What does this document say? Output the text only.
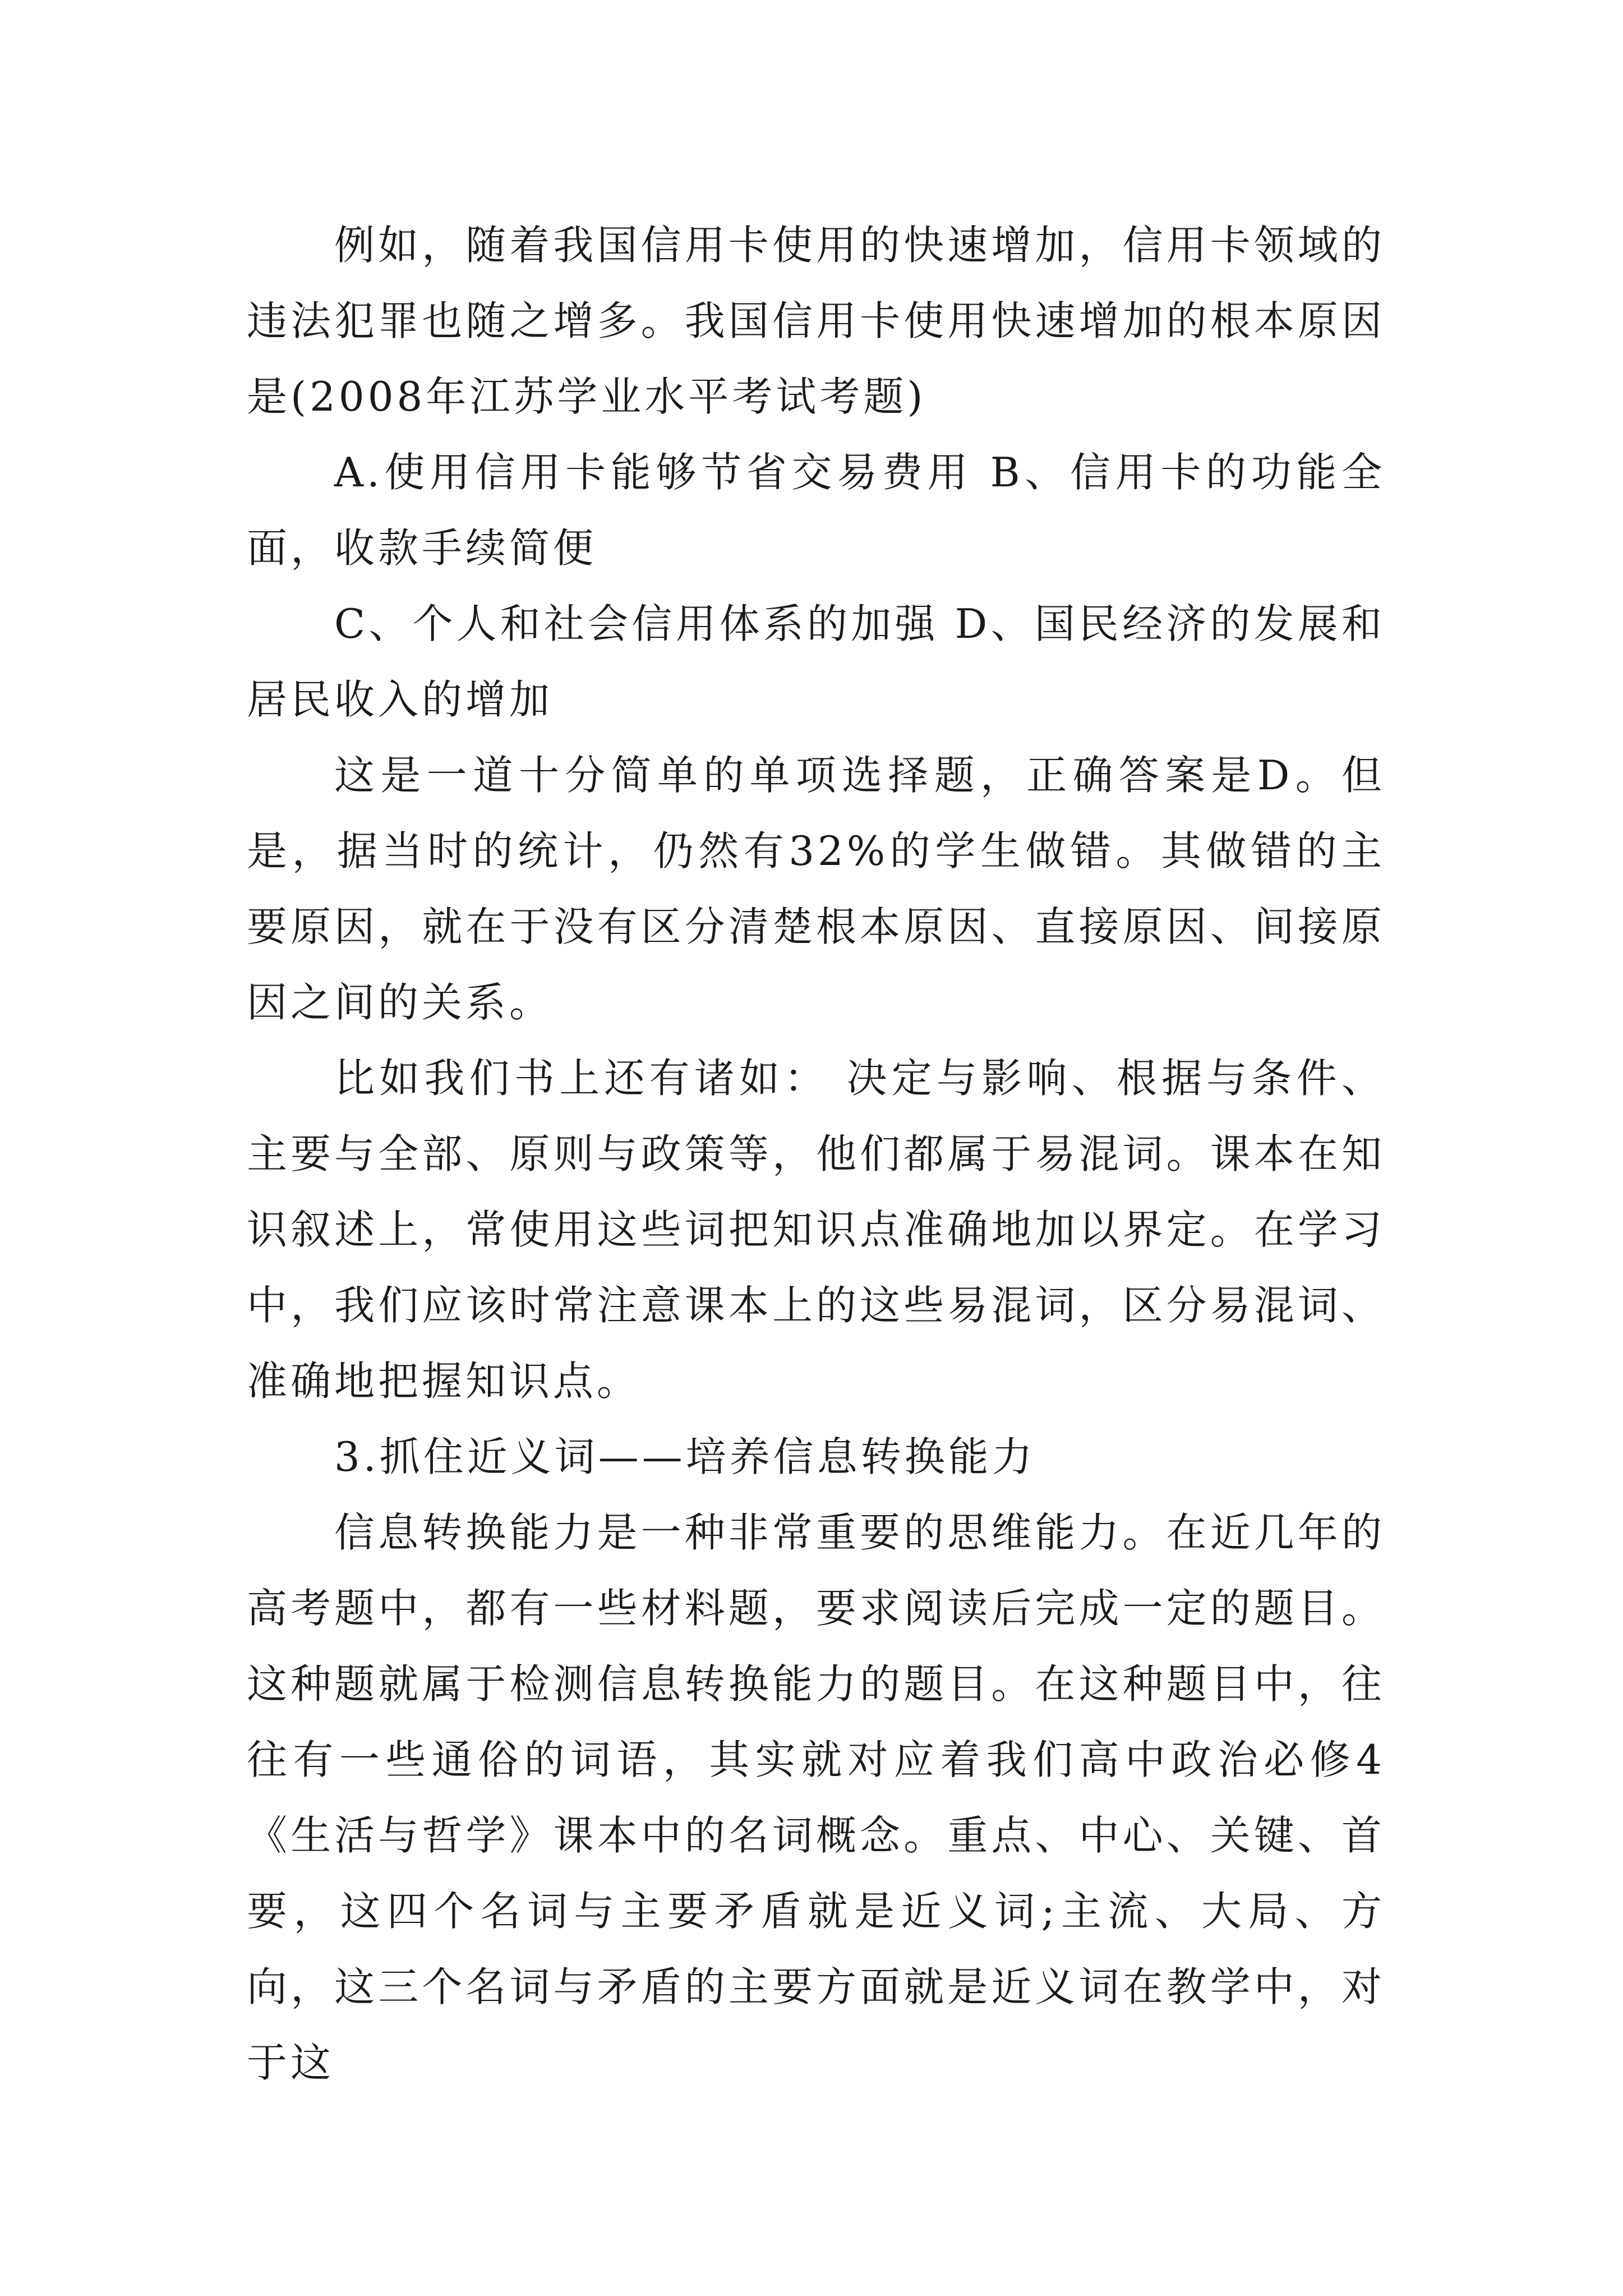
例如，随着我国信用卡使用的快速增加，信用卡领域的违法犯罪也随之增多。我国信用卡使用快速增加的根本原因是(2008年江苏学业水平考试考题)

A.使用信用卡能够节省交易费用 B、信用卡的功能全面，收款手续简便

C、个人和社会信用体系的加强 D、国民经济的发展和居民收入的增加

这是一道十分简单的单项选择题，正确答案是D。但是，据当时的统计，仍然有32%的学生做错。其做错的主要原因，就在于没有区分清楚根本原因、直接原因、间接原因之间的关系。

比如我们书上还有诸如： 决定与影响、根据与条件、主要与全部、原则与政策等，他们都属于易混词。课本在知识叙述上，常使用这些词把知识点准确地加以界定。在学习中，我们应该时常注意课本上的这些易混词，区分易混词、准确地把握知识点。

3.抓住近义词——培养信息转换能力

信息转换能力是一种非常重要的思维能力。在近几年的高考题中，都有一些材料题，要求阅读后完成一定的题目。这种题就属于检测信息转换能力的题目。在这种题目中，往往有一些通俗的词语，其实就对应着我们高中政治必修4《生活与哲学》课本中的名词概念。重点、中心、关键、首要，这四个名词与主要矛盾就是近义词;主流、大局、方向，这三个名词与矛盾的主要方面就是近义词在教学中，对于这
